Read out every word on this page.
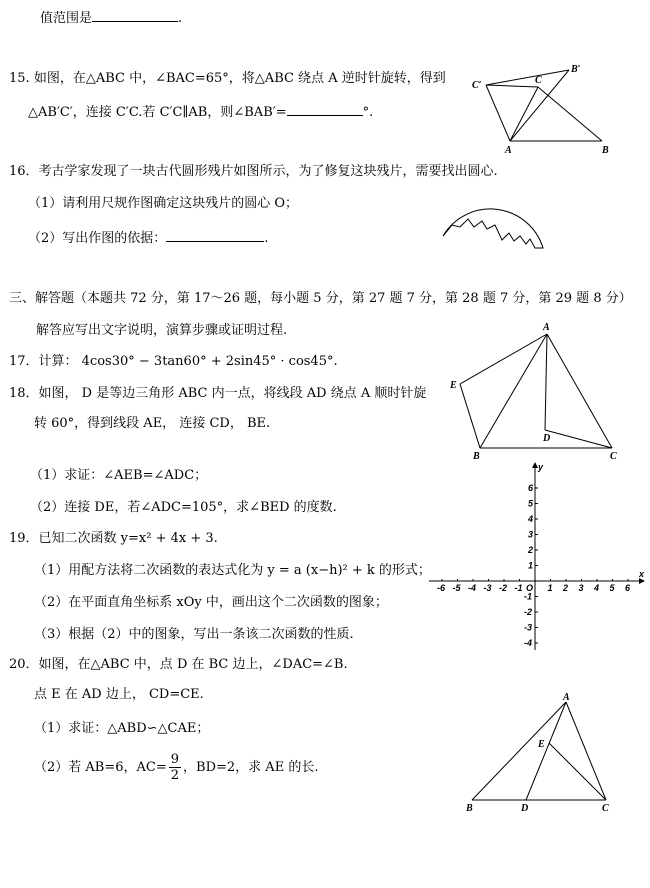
值范围是	.
15. 如图，在△ABC 中，∠BAC=65°，将△ABC 绕点 A 逆时针旋转，得到
△AB′C′，连接 C′C.若 C′C∥AB，则∠BAB′=	°.
C′	C
B′
A	B
16．考古学家发现了一块古代圆形残片如图所示，为了修复这块残片，需要找出圆心.
（1）请利用尺规作图确定这块残片的圆心 O；
（2）写出作图的依据：	.
三、解答题（本题共 72 分，第 17～26 题，每小题 5 分，第 27 题 7 分，第 28 题 7 分，第 29 题 8 分）
解答应写出文字说明，演算步骤或证明过程.
17．计算： 4cos30° − 3tan60° + 2sin45° · cos45°.
18．如图， D 是等边三角形 ABC 内一点，将线段 AD 绕点 A 顺时针旋
转 60°，得到线段 AE， 连接 CD， BE.
（1）求证：∠AEB=∠ADC；
（2）连接 DE，若∠ADC=105°，求∠BED 的度数.
A
E
D
B	C
19．已知二次函数 y=x² + 4x + 3.
（1）用配方法将二次函数的表达式化为 y = a (x−h)² + k 的形式；
（2）在平面直角坐标系 xOy 中，画出这个二次函数的图象；
（3）根据（2）中的图象，写出一条该二次函数的性质.
x
y
O
-6 -5 -4 -3 -2 -1	1 2 3 4 5 6
6
5
4
3
2
1
-1
-2
-3
-4
20．如图，在△ABC 中，点 D 在 BC 边上，∠DAC=∠B.
点 E 在 AD 边上， CD=CE.
（1）求证：△ABD∽△CAE；
（2）若 AB=6，$AC= \frac{9}{2}$ ，BD=2，求 AE 的长.
A
E
B	D	C
